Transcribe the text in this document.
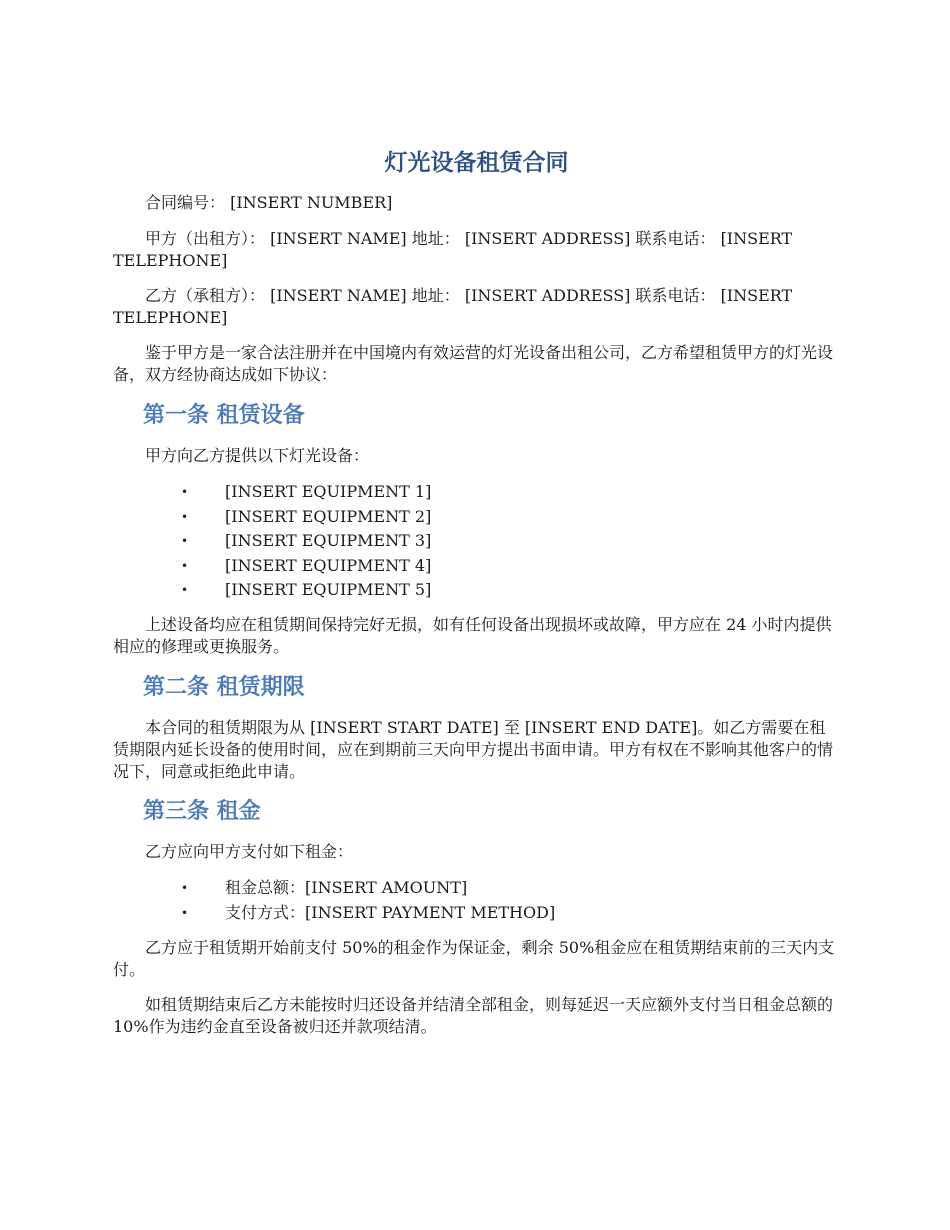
灯光设备租赁合同

合同编号： [INSERT NUMBER]

甲方（出租方）： [INSERT NAME] 地址： [INSERT ADDRESS] 联系电话： [INSERT TELEPHONE]

乙方（承租方）： [INSERT NAME] 地址： [INSERT ADDRESS] 联系电话： [INSERT TELEPHONE]

鉴于甲方是一家合法注册并在中国境内有效运营的灯光设备出租公司，乙方希望租赁甲方的灯光设备，双方经协商达成如下协议：

第一条 租赁设备

甲方向乙方提供以下灯光设备：

• [INSERT EQUIPMENT 1]
• [INSERT EQUIPMENT 2]
• [INSERT EQUIPMENT 3]
• [INSERT EQUIPMENT 4]
• [INSERT EQUIPMENT 5]

上述设备均应在租赁期间保持完好无损，如有任何设备出现损坏或故障，甲方应在 24 小时内提供相应的修理或更换服务。

第二条 租赁期限

本合同的租赁期限为从 [INSERT START DATE] 至 [INSERT END DATE]。如乙方需要在租赁期限内延长设备的使用时间，应在到期前三天向甲方提出书面申请。甲方有权在不影响其他客户的情况下，同意或拒绝此申请。

第三条 租金

乙方应向甲方支付如下租金：

• 租金总额：[INSERT AMOUNT]
• 支付方式：[INSERT PAYMENT METHOD]

乙方应于租赁期开始前支付 50%的租金作为保证金，剩余 50%租金应在租赁期结束前的三天内支付。

如租赁期结束后乙方未能按时归还设备并结清全部租金，则每延迟一天应额外支付当日租金总额的 10%作为违约金直至设备被归还并款项结清。
